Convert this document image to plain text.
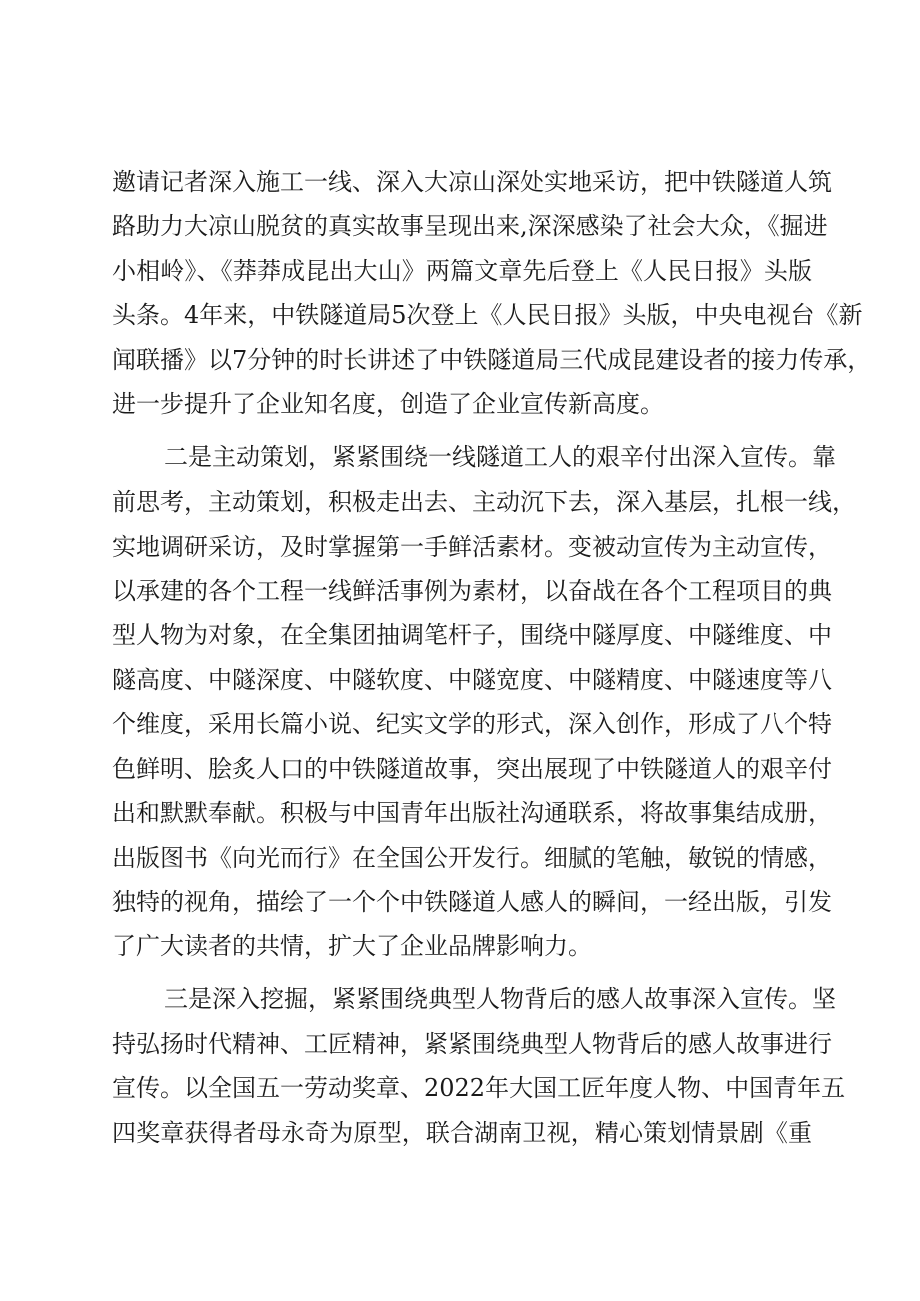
邀请记者深入施工一线、深入大凉山深处实地采访，把中铁隧道人筑
路助力大凉山脱贫的真实故事呈现出来,深深感染了社会大众，《掘进
小相岭》、《莽莽成昆出大山》两篇文章先后登上《人民日报》头版
头条。4年来，中铁隧道局5次登上《人民日报》头版，中央电视台《新
闻联播》以7分钟的时长讲述了中铁隧道局三代成昆建设者的接力传承，
进一步提升了企业知名度，创造了企业宣传新高度。
二是主动策划，紧紧围绕一线隧道工人的艰辛付出深入宣传。靠
前思考，主动策划，积极走出去、主动沉下去，深入基层，扎根一线，
实地调研采访，及时掌握第一手鲜活素材。变被动宣传为主动宣传，
以承建的各个工程一线鲜活事例为素材，以奋战在各个工程项目的典
型人物为对象，在全集团抽调笔杆子，围绕中隧厚度、中隧维度、中
隧高度、中隧深度、中隧软度、中隧宽度、中隧精度、中隧速度等八
个维度，采用长篇小说、纪实文学的形式，深入创作，形成了八个特
色鲜明、脍炙人口的中铁隧道故事，突出展现了中铁隧道人的艰辛付
出和默默奉献。积极与中国青年出版社沟通联系，将故事集结成册，
出版图书《向光而行》在全国公开发行。细腻的笔触，敏锐的情感，
独特的视角，描绘了一个个中铁隧道人感人的瞬间，一经出版，引发
了广大读者的共情，扩大了企业品牌影响力。
三是深入挖掘，紧紧围绕典型人物背后的感人故事深入宣传。坚
持弘扬时代精神、工匠精神，紧紧围绕典型人物背后的感人故事进行
宣传。以全国五一劳动奖章、2022年大国工匠年度人物、中国青年五
四奖章获得者母永奇为原型，联合湖南卫视，精心策划情景剧《重
